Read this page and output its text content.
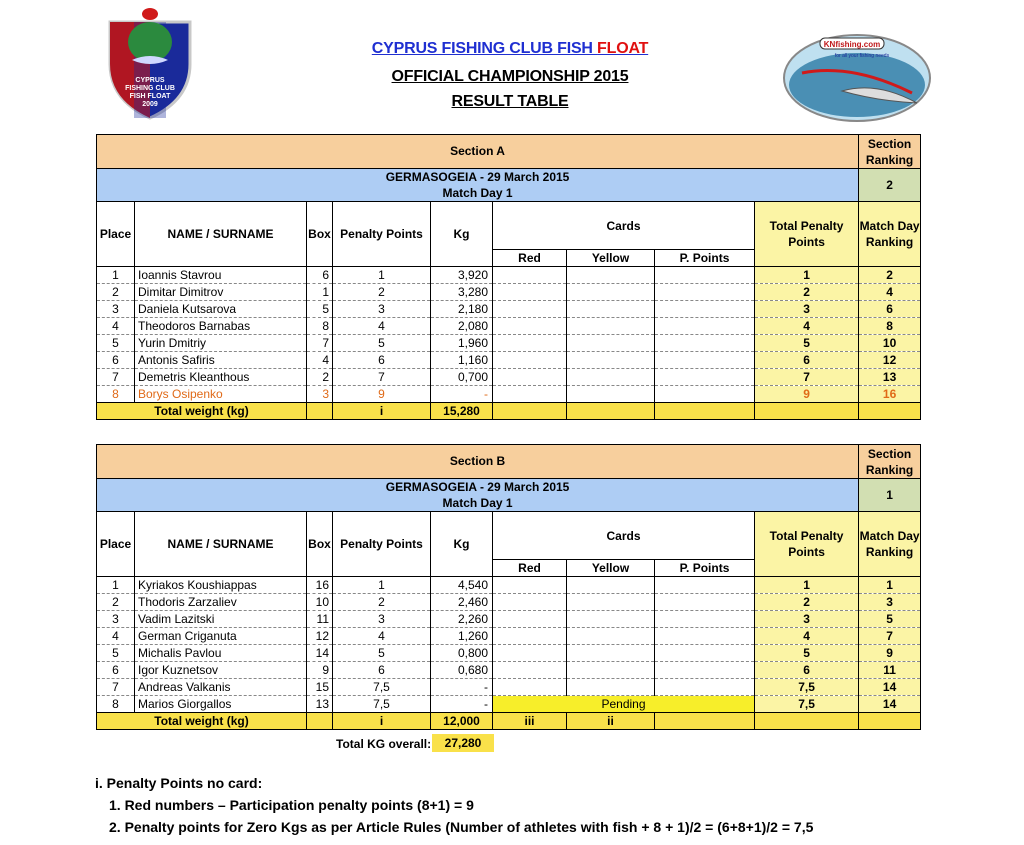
CYPRUS
FISHING CLUB
FISH FLOAT
2009
KNfishing.com
for all your fishing needs
CYPRUS FISHING CLUB FISH FLOAT
OFFICIAL CHAMPIONSHIP 2015
RESULT TABLE
Section A									Section Ranking
GERMASOGEIA - 29 March 2015
Match Day 1									2
Place	NAME / SURNAME	Box	Penalty Points	Kg	Cards			Total Penalty Points	Match Day Ranking
					Red	Yellow	P. Points		
1	Ioannis Stavrou	6	1	3,920				1	2
2	Dimitar Dimitrov	1	2	3,280				2	4
3	Daniela Kutsarova	5	3	2,180				3	6
4	Theodoros Barnabas	8	4	2,080				4	8
5	Yurin Dmitriy	7	5	1,960				5	10
6	Antonis Safiris	4	6	1,160				6	12
7	Demetris Kleanthous	2	7	0,700				7	13
8	Borys Osipenko	3	9	-				9	16
Total weight (kg)			i	15,280					
Section B									Section Ranking
GERMASOGEIA - 29 March 2015
Match Day 1									1
Place	NAME / SURNAME	Box	Penalty Points	Kg	Cards			Total Penalty Points	Match Day Ranking
					Red	Yellow	P. Points		
1	Kyriakos Koushiappas	16	1	4,540				1	1
2	Thodoris Zarzaliev	10	2	2,460				2	3
3	Vadim Lazitski	11	3	2,260				3	5
4	German Criganuta	12	4	1,260				4	7
5	Michalis Pavlou	14	5	0,800				5	9
6	Igor Kuznetsov	9	6	0,680				6	11
7	Andreas Valkanis	15	7,5	-				7,5	14
8	Marios Giorgallos	13	7,5	-	Pending			7,5	14
Total weight (kg)			i	12,000	iii	ii			
Total KG overall:	27,280
i. Penalty Points no card:
1. Red numbers – Participation penalty points (8+1) = 9
2. Penalty points for Zero Kgs as per Article Rules (Number of athletes with fish + 8 + 1)/2 = (6+8+1)/2 = 7,5
